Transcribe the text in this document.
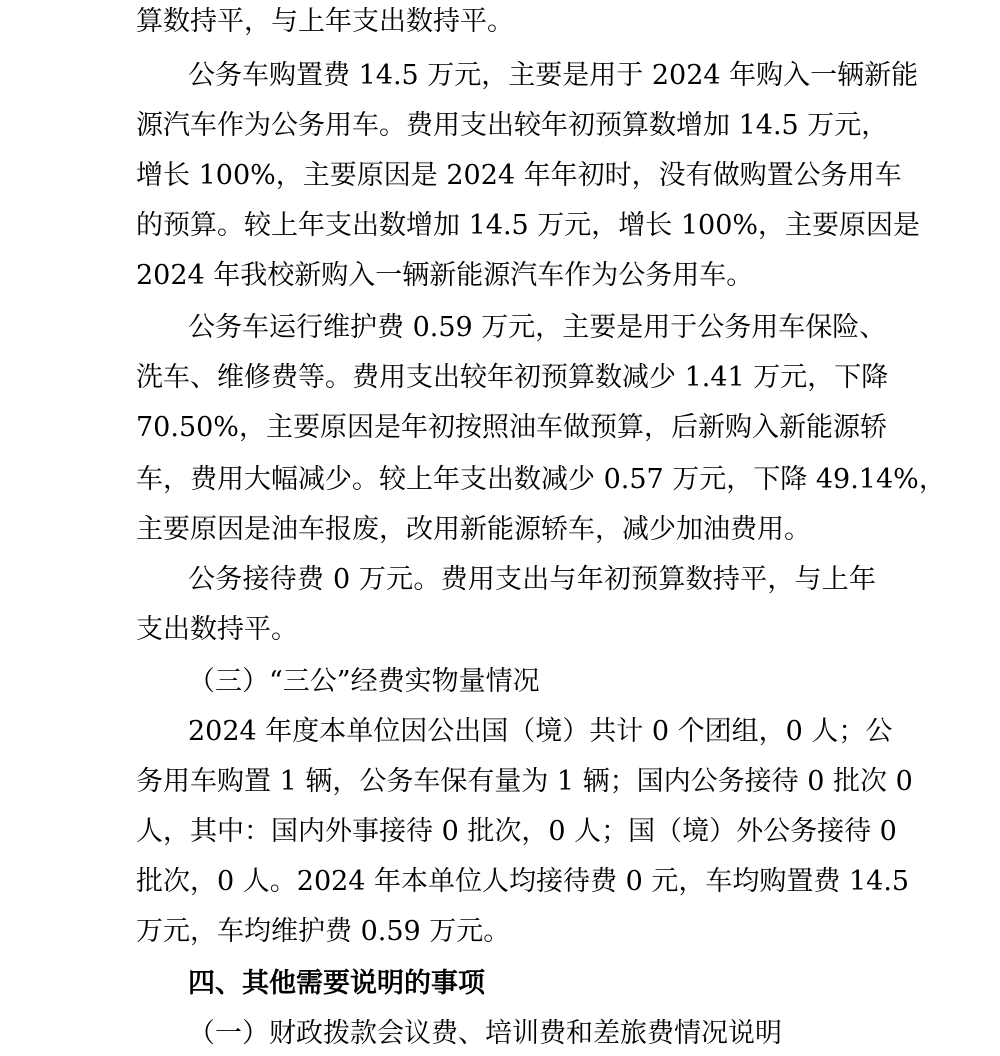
算数持平，与上年支出数持平。
公务车购置费 14.5 万元，主要是用于 2024 年购入一辆新能
源汽车作为公务用车。费用支出较年初预算数增加 14.5 万元，
增长 100%，主要原因是 2024 年年初时，没有做购置公务用车
的预算。较上年支出数增加 14.5 万元，增长 100%，主要原因是
2024 年我校新购入一辆新能源汽车作为公务用车。
公务车运行维护费 0.59 万元，主要是用于公务用车保险、
洗车、维修费等。费用支出较年初预算数减少 1.41 万元，下降
70.50%，主要原因是年初按照油车做预算，后新购入新能源轿
车，费用大幅减少。较上年支出数减少 0.57 万元，下降 49.14%，
主要原因是油车报废，改用新能源轿车，减少加油费用。
公务接待费 0 万元。费用支出与年初预算数持平，与上年
支出数持平。
（三）“三公”经费实物量情况
2024 年度本单位因公出国（境）共计 0 个团组，0 人；公
务用车购置 1 辆，公务车保有量为 1 辆；国内公务接待 0 批次 0
人，其中：国内外事接待 0 批次，0 人；国（境）外公务接待 0
批次，0 人。2024 年本单位人均接待费 0 元，车均购置费 14.5
万元，车均维护费 0.59 万元。
四、其他需要说明的事项
（一）财政拨款会议费、培训费和差旅费情况说明
